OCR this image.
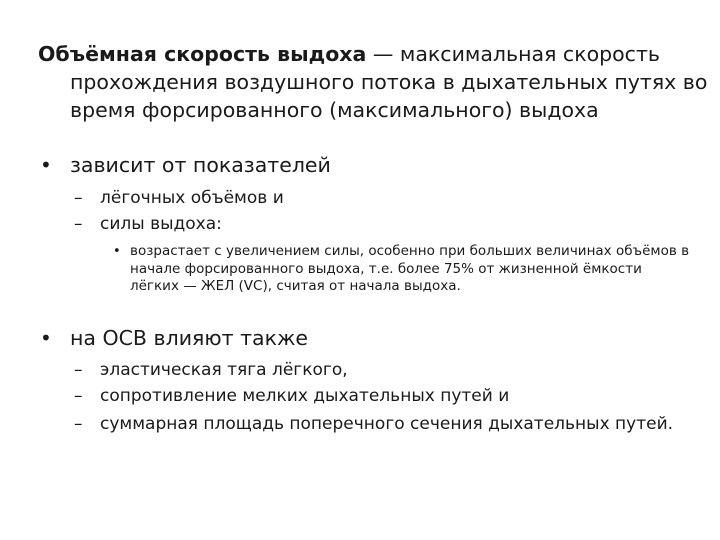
Объёмная скорость выдоха — максимальная скорость прохождения воздушного потока в дыхательных путях во время форсированного (максимального) выдоха
• зависит от показателей
– лёгочных объёмов и
– силы выдоха:
• возрастает с увеличением силы, особенно при больших величинах объёмов в начале форсированного выдоха, т.е. более 75% от жизненной ёмкости лёгких — ЖЕЛ (VC), считая от начала выдоха.
• на ОСВ влияют также
– эластическая тяга лёгкого,
– сопротивление мелких дыхательных путей и
– суммарная площадь поперечного сечения дыхательных путей.
